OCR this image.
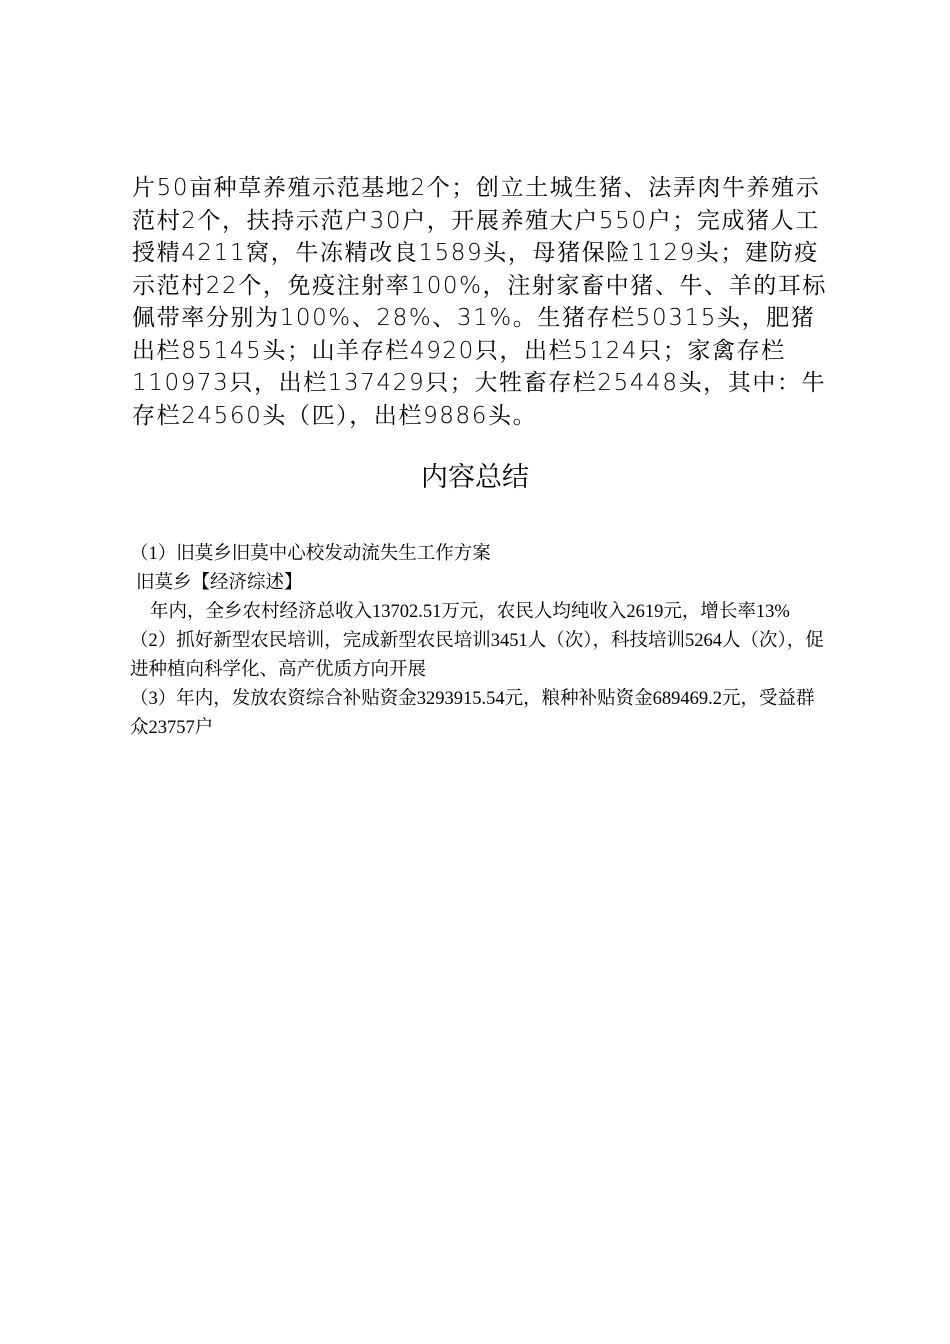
片50亩种草养殖示范基地2个；创立土城生猪、法弄肉牛养殖示范村2个，扶持示范户30户，开展养殖大户550户；完成猪人工授精4211窝，牛冻精改良1589头，母猪保险1129头；建防疫示范村22个，免疫注射率100%，注射家畜中猪、牛、羊的耳标佩带率分别为100%、28%、31%。生猪存栏50315头，肥猪出栏85145头；山羊存栏4920只，出栏5124只；家禽存栏110973只，出栏137429只；大牲畜存栏25448头，其中：牛存栏24560头（匹），出栏9886头。

内容总结

（1）旧莫乡旧莫中心校发动流失生工作方案

旧莫乡【经济综述】

年内，全乡农村经济总收入13702.51万元，农民人均纯收入2619元，增长率13%

（2）抓好新型农民培训，完成新型农民培训3451人（次），科技培训5264人（次），促进种植向科学化、高产优质方向开展

（3）年内，发放农资综合补贴资金3293915.54元，粮种补贴资金689469.2元，受益群众23757户
